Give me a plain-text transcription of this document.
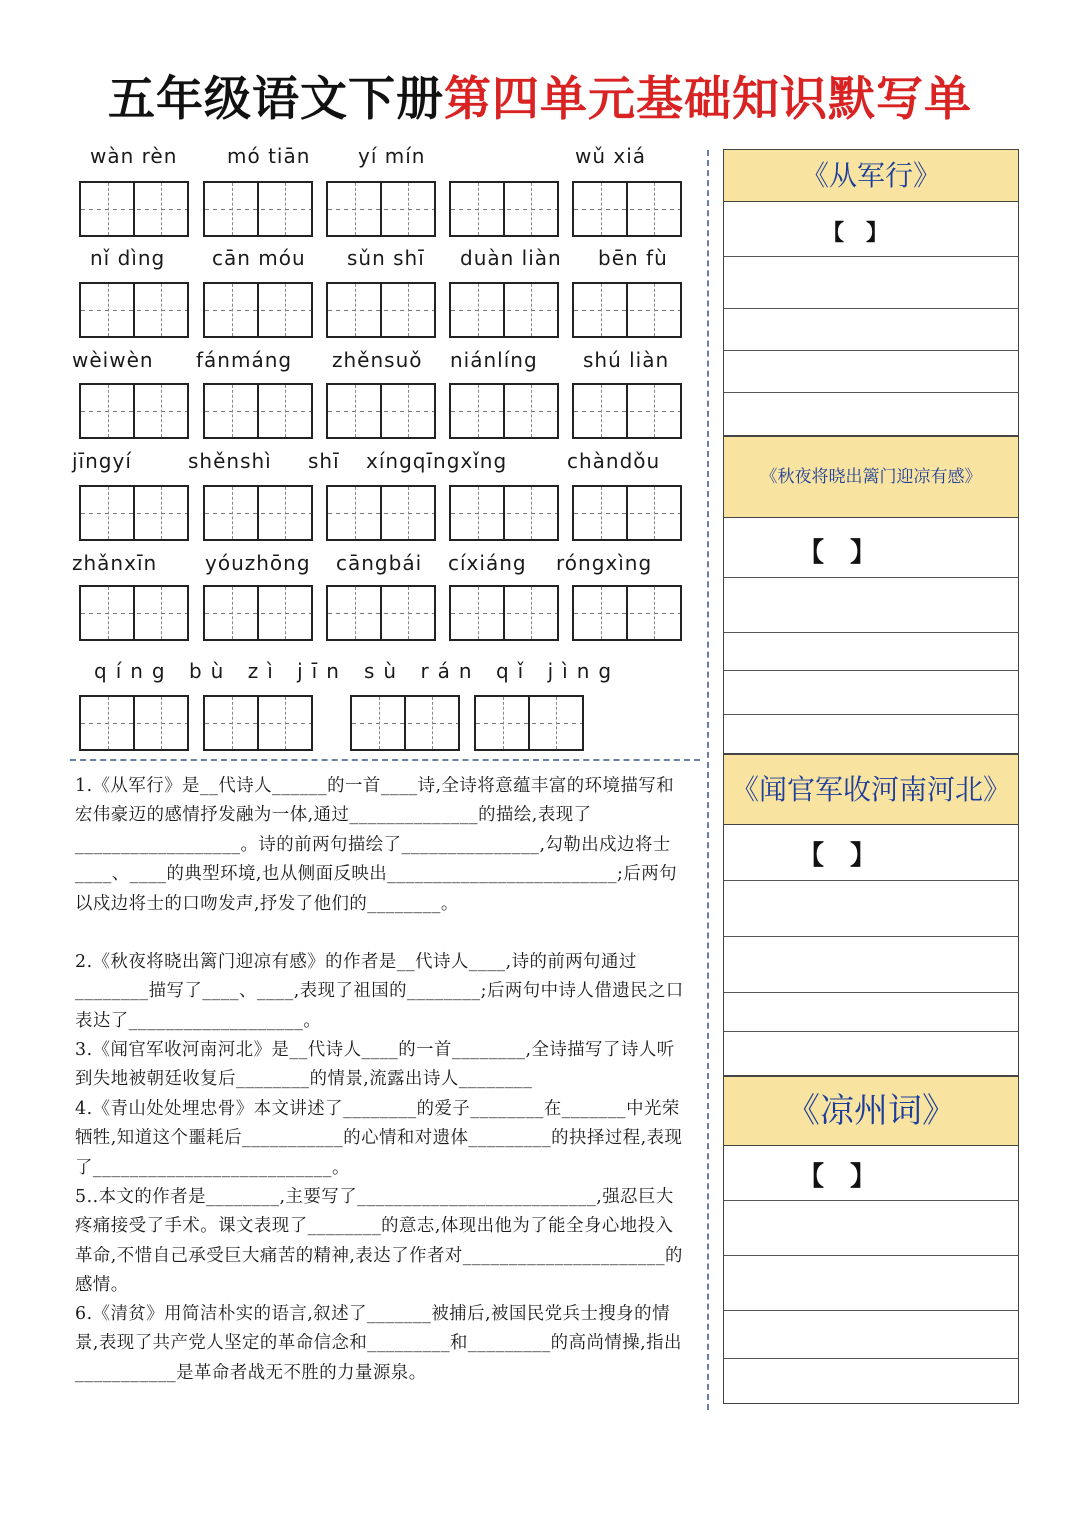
五年级语文下册第四单元基础知识默写单
wàn rèn mó tiān yí mín	wǔ xiá
nǐ dìng cān móu sǔn shī duàn liàn bēn fù
wèiwèn fánmáng zhěnsuǒ niánlíng shú liàn
jīngyí	shěnshì shī xíngqīngxǐng	chàndǒu
zhǎnxīn yóuzhōng cāngbái cíxiáng róngxìng
qíng bù zì jīn sù rán qǐ jìng

1.《从军行》是__代诗人______的一首____诗,全诗将意蕴丰富的环境描写和宏伟豪迈的感情抒发融为一体,通过______________的描绘,表现了__________________。诗的前两句描绘了_______________,勾勒出戍边将士____、____的典型环境,也从侧面反映出_________________________;后两句以戍边将士的口吻发声,抒发了他们的________。

2.《秋夜将晓出篱门迎凉有感》的作者是__代诗人____,诗的前两句通过________描写了____、____,表现了祖国的________;后两句中诗人借遗民之口表达了___________________。

3.《闻官军收河南河北》是__代诗人____的一首________,全诗描写了诗人听到失地被朝廷收复后________的情景,流露出诗人________

4.《青山处处埋忠骨》本文讲述了________的爱子________在_______中光荣牺牲,知道这个噩耗后___________的心情和对遗体_________的抉择过程,表现了__________________________。

5..本文的作者是________,主要写了__________________________,强忍巨大疼痛接受了手术。课文表现了________的意志,体现出他为了能全身心地投入革命,不惜自己承受巨大痛苦的精神,表达了作者对______________________的感情。

6.《清贫》用简洁朴实的语言,叙述了_______被捕后,被国民党兵士搜身的情景,表现了共产党人坚定的革命信念和_________和_________的高尚情操,指出___________是革命者战无不胜的力量源泉。

《从军行》
【　】
《秋夜将晓出篱门迎凉有感》
【　】
《闻官军收河南河北》
【　】
《凉州词》
【　】
